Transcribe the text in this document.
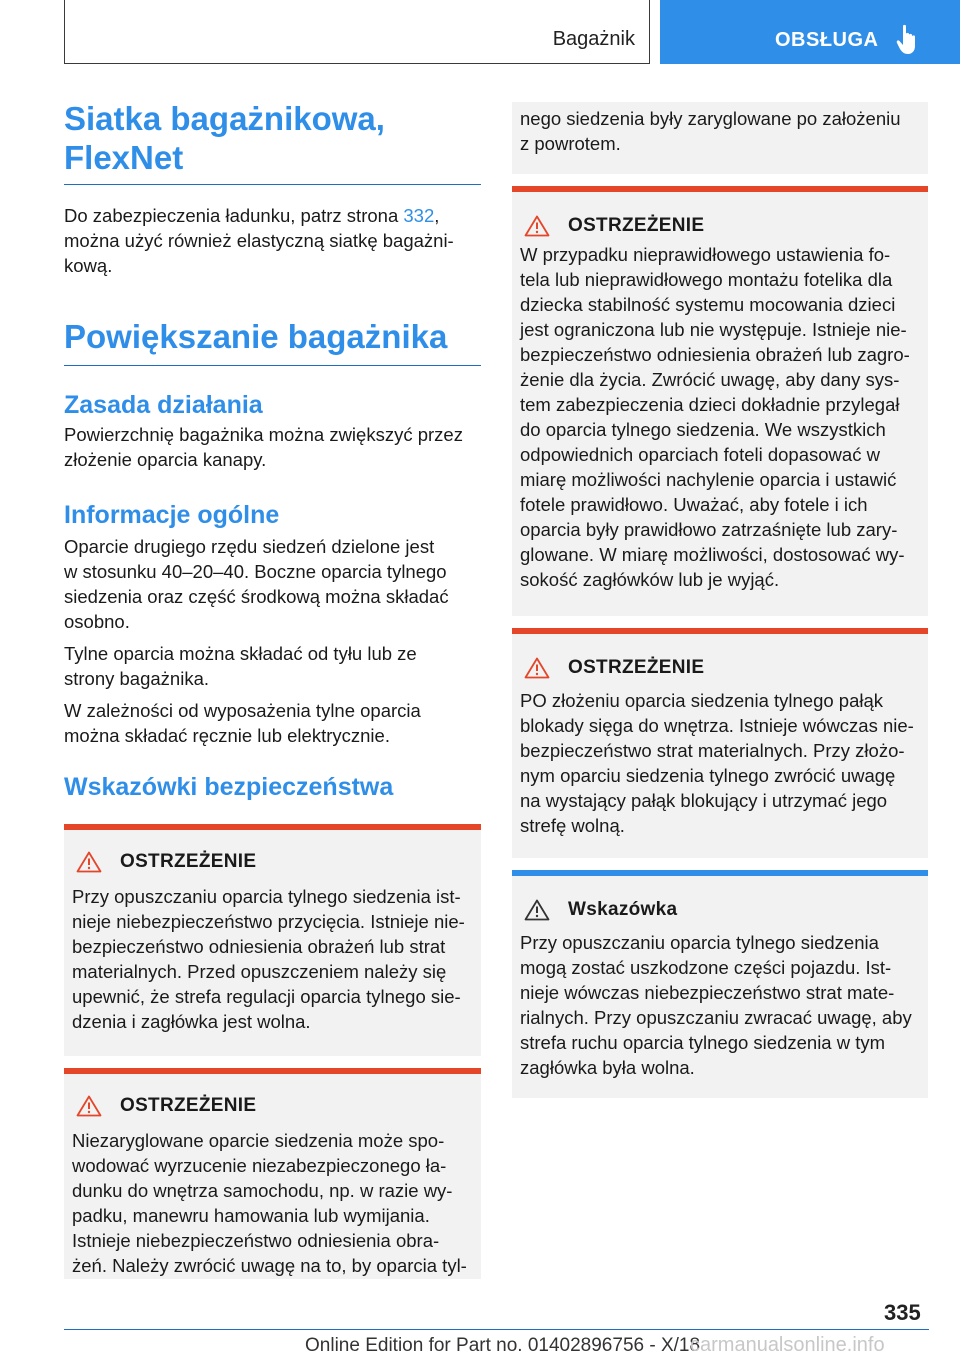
Bagażnik	OBSŁUGA
Siatka bagażnikowa,
FlexNet
Do zabezpieczenia ładunku, patrz strona 332,
można użyć również elastyczną siatkę bagażni-
kową.
Powiększanie bagażnika
Zasada działania
Powierzchnię bagażnika można zwiększyć przez
złożenie oparcia kanapy.
Informacje ogólne
Oparcie drugiego rzędu siedzeń dzielone jest
w stosunku 40–20–40. Boczne oparcia tylnego
siedzenia oraz część środkową można składać
osobno.
Tylne oparcia można składać od tyłu lub ze
strony bagażnika.
W zależności od wyposażenia tylne oparcia
można składać ręcznie lub elektrycznie.
Wskazówki bezpieczeństwa
OSTRZEŻENIE
Przy opuszczaniu oparcia tylnego siedzenia ist-
nieje niebezpieczeństwo przycięcia. Istnieje nie-
bezpieczeństwo odniesienia obrażeń lub strat
materialnych. Przed opuszczeniem należy się
upewnić, że strefa regulacji oparcia tylnego sie-
dzenia i zagłówka jest wolna.
OSTRZEŻENIE
Niezaryglowane oparcie siedzenia może spo-
wodować wyrzucenie niezabezpieczonego ła-
dunku do wnętrza samochodu, np. w razie wy-
padku, manewru hamowania lub wymijania.
Istnieje niebezpieczeństwo odniesienia obra-
żeń. Należy zwrócić uwagę na to, by oparcia tyl-
nego siedzenia były zaryglowane po założeniu
z powrotem.
OSTRZEŻENIE
W przypadku nieprawidłowego ustawienia fo-
tela lub nieprawidłowego montażu fotelika dla
dziecka stabilność systemu mocowania dzieci
jest ograniczona lub nie występuje. Istnieje nie-
bezpieczeństwo odniesienia obrażeń lub zagro-
żenie dla życia. Zwrócić uwagę, aby dany sys-
tem zabezpieczenia dzieci dokładnie przylegał
do oparcia tylnego siedzenia. We wszystkich
odpowiednich oparciach foteli dopasować w
miarę możliwości nachylenie oparcia i ustawić
fotele prawidłowo. Uważać, aby fotele i ich
oparcia były prawidłowo zatrzaśnięte lub zary-
glowane. W miarę możliwości, dostosować wy-
sokość zagłówków lub je wyjąć.
OSTRZEŻENIE
PO złożeniu oparcia siedzenia tylnego pałąk
blokady sięga do wnętrza. Istnieje wówczas nie-
bezpieczeństwo strat materialnych. Przy złożo-
nym oparciu siedzenia tylnego zwrócić uwagę
na wystający pałąk blokujący i utrzymać jego
strefę wolną.
Wskazówka
Przy opuszczaniu oparcia tylnego siedzenia
mogą zostać uszkodzone części pojazdu. Ist-
nieje wówczas niebezpieczeństwo strat mate-
rialnych. Przy opuszczaniu zwracać uwagę, aby
strefa ruchu oparcia tylnego siedzenia w tym
zagłówka była wolna.
335
Online Edition for Part no. 01402896756 - X/18
carmanualsonline.info
